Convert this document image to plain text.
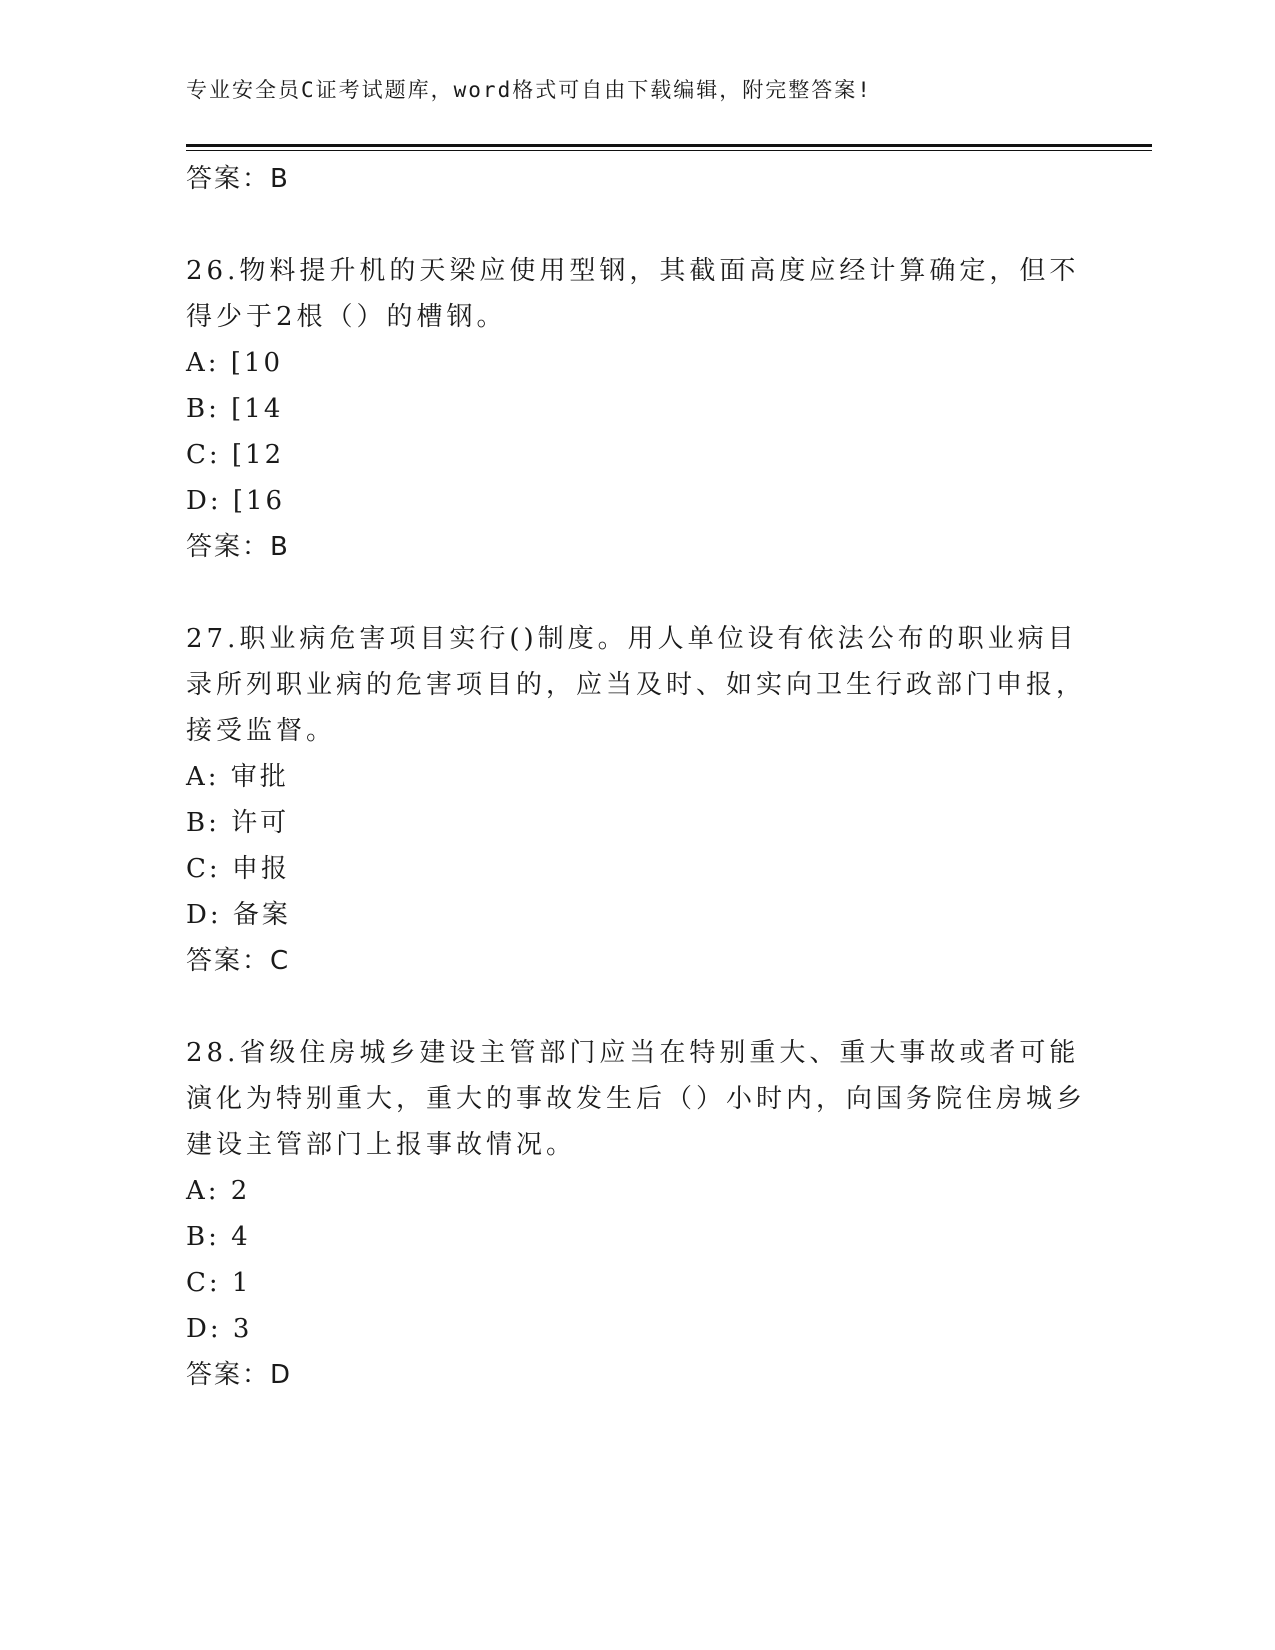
专业安全员C证考试题库，word格式可自由下载编辑，附完整答案!
答案：B
26.物料提升机的天梁应使用型钢，其截面高度应经计算确定，但不得少于2根（）的槽钢。
A: [10
B: [14
C: [12
D: [16
答案：B
27.职业病危害项目实行()制度。用人单位设有依法公布的职业病目录所列职业病的危害项目的，应当及时、如实向卫生行政部门申报，接受监督。
A: 审批
B: 许可
C: 申报
D: 备案
答案：C
28.省级住房城乡建设主管部门应当在特别重大、重大事故或者可能演化为特别重大，重大的事故发生后（）小时内，向国务院住房城乡建设主管部门上报事故情况。
A: 2
B: 4
C: 1
D: 3
答案：D
